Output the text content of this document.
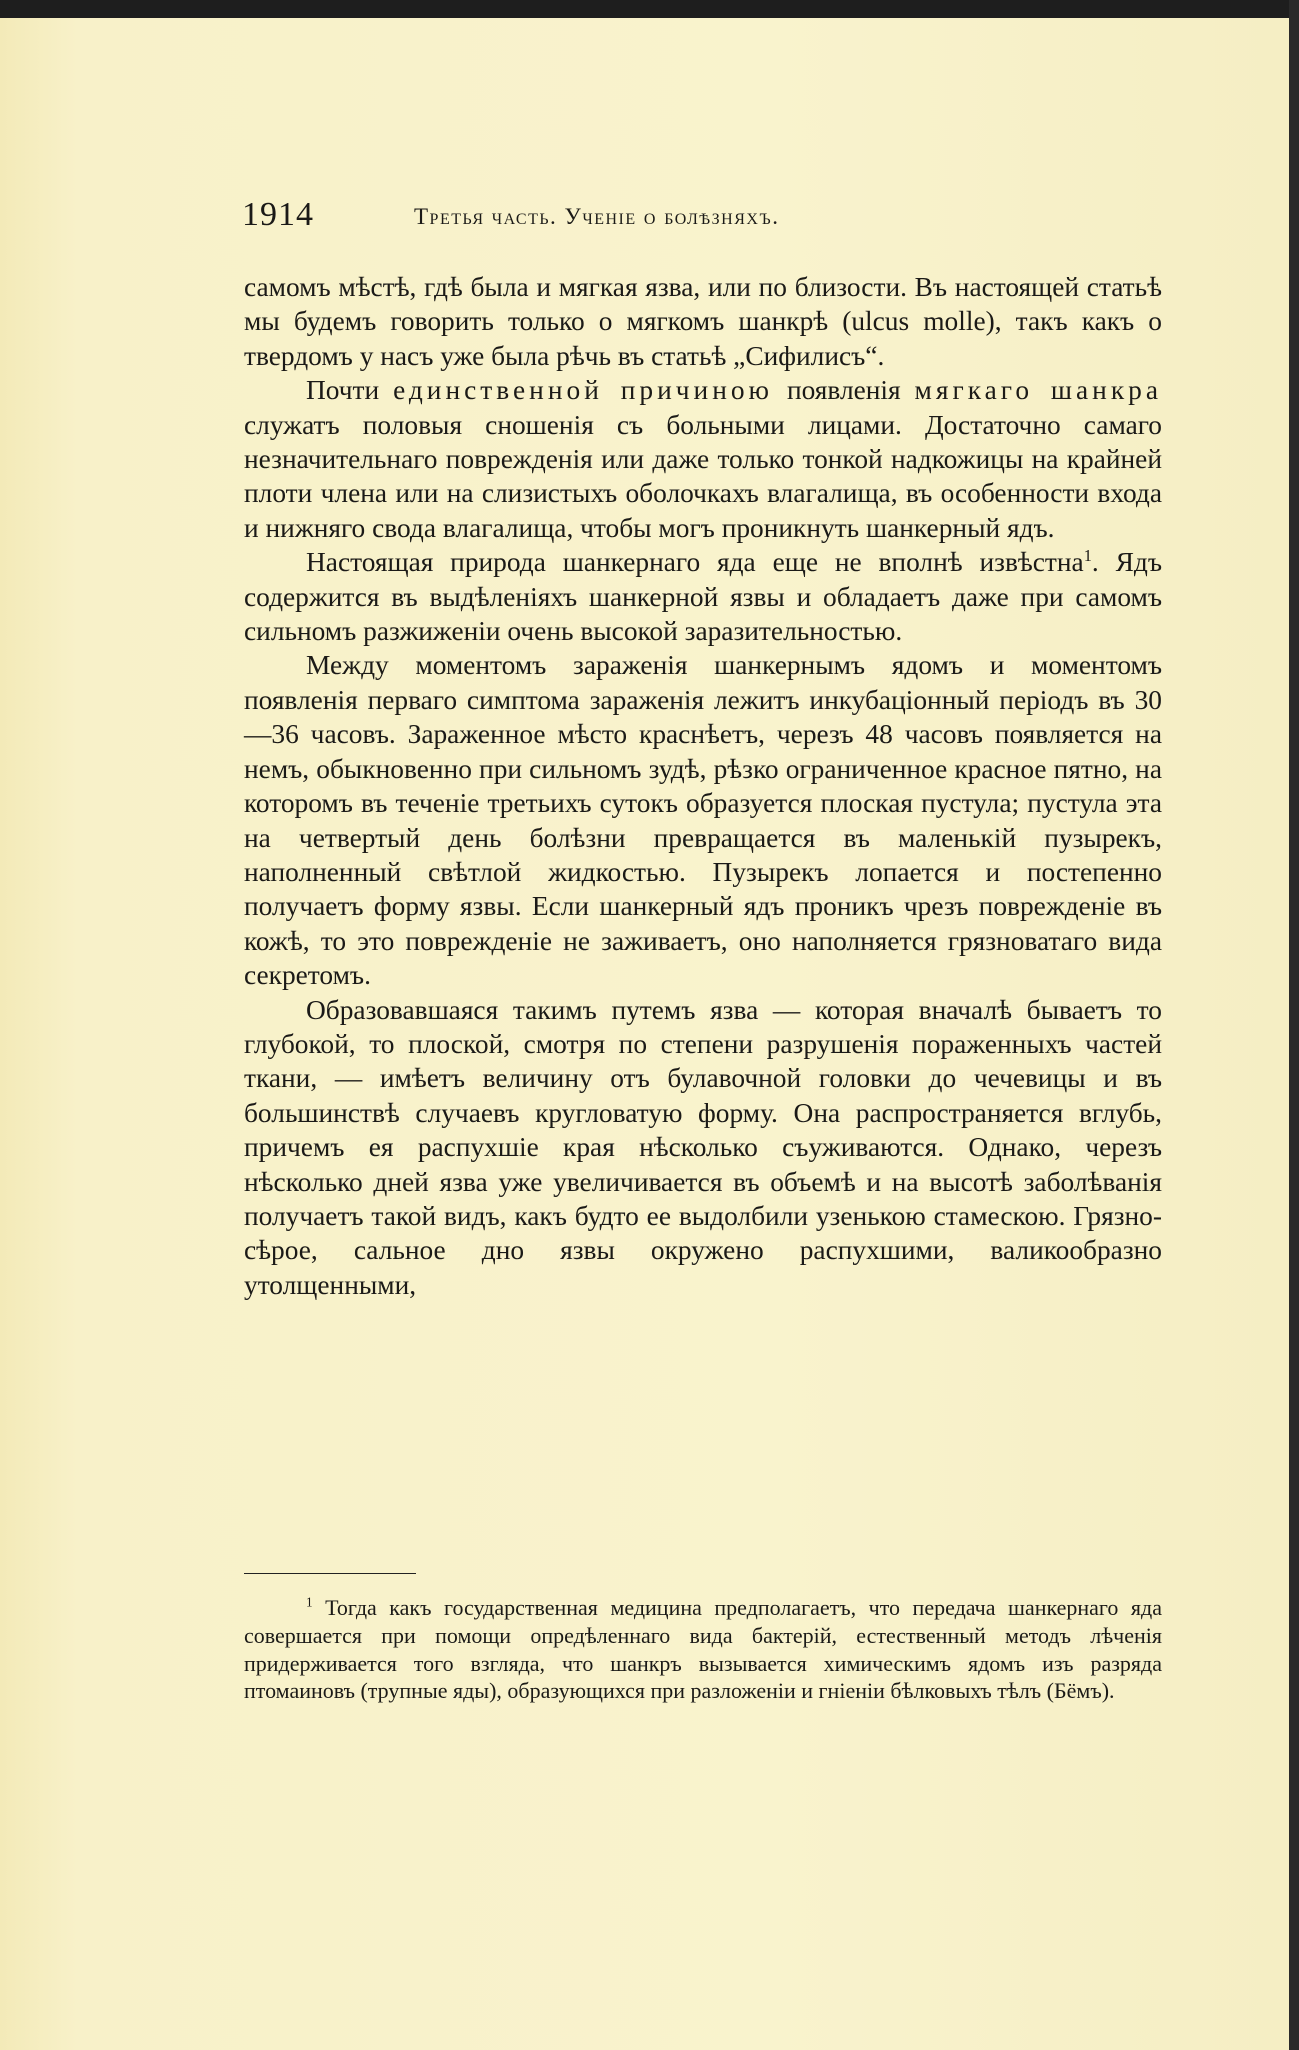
1914	Третья часть. Ученіе о болѣзняхъ.

самомъ мѣстѣ, гдѣ была и мягкая язва, или по близости. Въ настоящей статьѣ мы будемъ говорить только о мягкомъ шанкрѣ (ulcus molle), такъ какъ о твердомъ у насъ уже была рѣчь въ статьѣ „Сифилисъ“.

Почти единственной причиною появленія мягкаго шанкра служатъ половыя сношенія съ больными лицами. Достаточно самаго незначительнаго поврежденія или даже только тонкой надкожицы на крайней плоти члена или на слизистыхъ оболочкахъ влагалища, въ особенности входа и нижняго свода влагалища, чтобы могъ проникнуть шанкерный ядъ.

Настоящая природа шанкернаго яда еще не вполнѣ извѣстна$^1$. Ядъ содержится въ выдѣленіяхъ шанкерной язвы и обладаетъ даже при самомъ сильномъ разжиженіи очень высокой заразительностью.

Между моментомъ зараженія шанкернымъ ядомъ и моментомъ появленія перваго симптома зараженія лежитъ инкубаціонный періодъ въ 30—36 часовъ. Зараженное мѣсто краснѣетъ, черезъ 48 часовъ появляется на немъ, обыкновенно при сильномъ зудѣ, рѣзко ограниченное красное пятно, на которомъ въ теченіе третьихъ сутокъ образуется плоская пустула; пустула эта на четвертый день болѣзни превращается въ маленькій пузырекъ, наполненный свѣтлой жидкостью. Пузырекъ лопается и постепенно получаетъ форму язвы. Если шанкерный ядъ проникъ чрезъ поврежденіе въ кожѣ, то это поврежденіе не заживаетъ, оно наполняется грязноватаго вида секретомъ.

Образовавшаяся такимъ путемъ язва — которая вначалѣ бываетъ то глубокой, то плоской, смотря по степени разрушенія пораженныхъ частей ткани, — имѣетъ величину отъ булавочной головки до чечевицы и въ большинствѣ случаевъ кругловатую форму. Она распространяется вглубь, причемъ ея распухшіе края нѣсколько съуживаются. Однако, черезъ нѣсколько дней язва уже увеличивается въ объемѣ и на высотѣ заболѣванія получаетъ такой видъ, какъ будто ее выдолбили узенькою стамескою. Грязно-сѣрое, сальное дно язвы окружено распухшими, валикообразно утолщенными,

$^1$ Тогда какъ государственная медицина предполагаетъ, что передача шанкернаго яда совершается при помощи опредѣленнаго вида бактерій, естественный методъ лѣченія придерживается того взгляда, что шанкръ вызывается химическимъ ядомъ изъ разряда птомаиновъ (трупные яды), образующихся при разложеніи и гніеніи бѣлковыхъ тѣлъ (Бёмъ).
